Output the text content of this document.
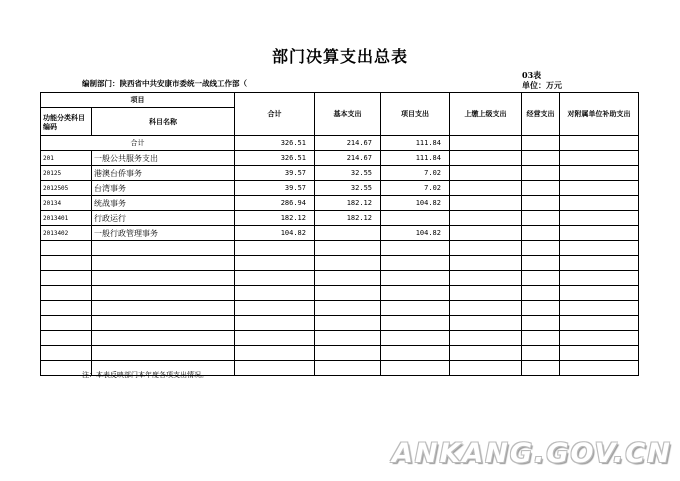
部门决算支出总表
03表
单位：万元
编制部门：陕西省中共安康市委统一战线工作部（
项目		合计	基本支出	项目支出	上缴上级支出	经营支出	对附属单位补助支出
功能分类科目编码	科目名称						
合计		326.51	214.67	111.84			
201	一般公共服务支出	326.51	214.67	111.84			
20125	港澳台侨事务	39.57	32.55	7.02			
2012505	台湾事务	39.57	32.55	7.02			
20134	统战事务	286.94	182.12	104.82			
2013401	行政运行	182.12	182.12				
2013402	一般行政管理事务	104.82		104.82			

注：本表反映部门本年度各项支出情况。
ANKANG.GOV.CN
